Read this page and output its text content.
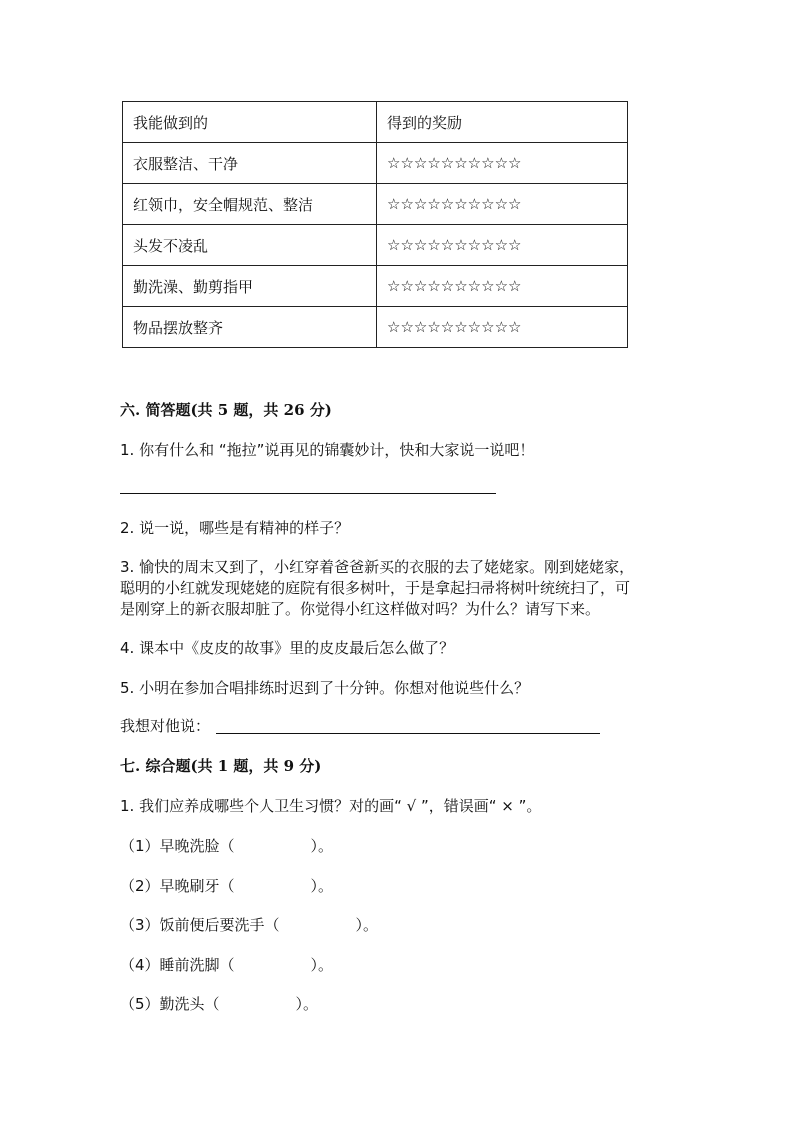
我能做到的	得到的奖励
衣服整洁、干净	☆☆☆☆☆☆☆☆☆☆
红领巾，安全帽规范、整洁	☆☆☆☆☆☆☆☆☆☆
头发不凌乱	☆☆☆☆☆☆☆☆☆☆
勤洗澡、勤剪指甲	☆☆☆☆☆☆☆☆☆☆
物品摆放整齐	☆☆☆☆☆☆☆☆☆☆
六. 简答题(共 5 题，共 26 分)
1. 你有什么和 “拖拉”说再见的锦囊妙计，快和大家说一说吧！
2. 说一说，哪些是有精神的样子？
3. 愉快的周末又到了，小红穿着爸爸新买的衣服的去了姥姥家。刚到姥姥家，
聪明的小红就发现姥姥的庭院有很多树叶，于是拿起扫帚将树叶统统扫了，可
是刚穿上的新衣服却脏了。你觉得小红这样做对吗？为什么？请写下来。
4. 课本中《皮皮的故事》里的皮皮最后怎么做了？
5. 小明在参加合唱排练时迟到了十分钟。你想对他说些什么？
我想对他说：
七. 综合题(共 1 题，共 9 分)
1. 我们应养成哪些个人卫生习惯？对的画“ √ ”，错误画“ × ”。
（1）早晚洗脸（	）。
（2）早晚刷牙（	）。
（3）饭前便后要洗手（	）。
（4）睡前洗脚（	）。
（5）勤洗头（	）。
